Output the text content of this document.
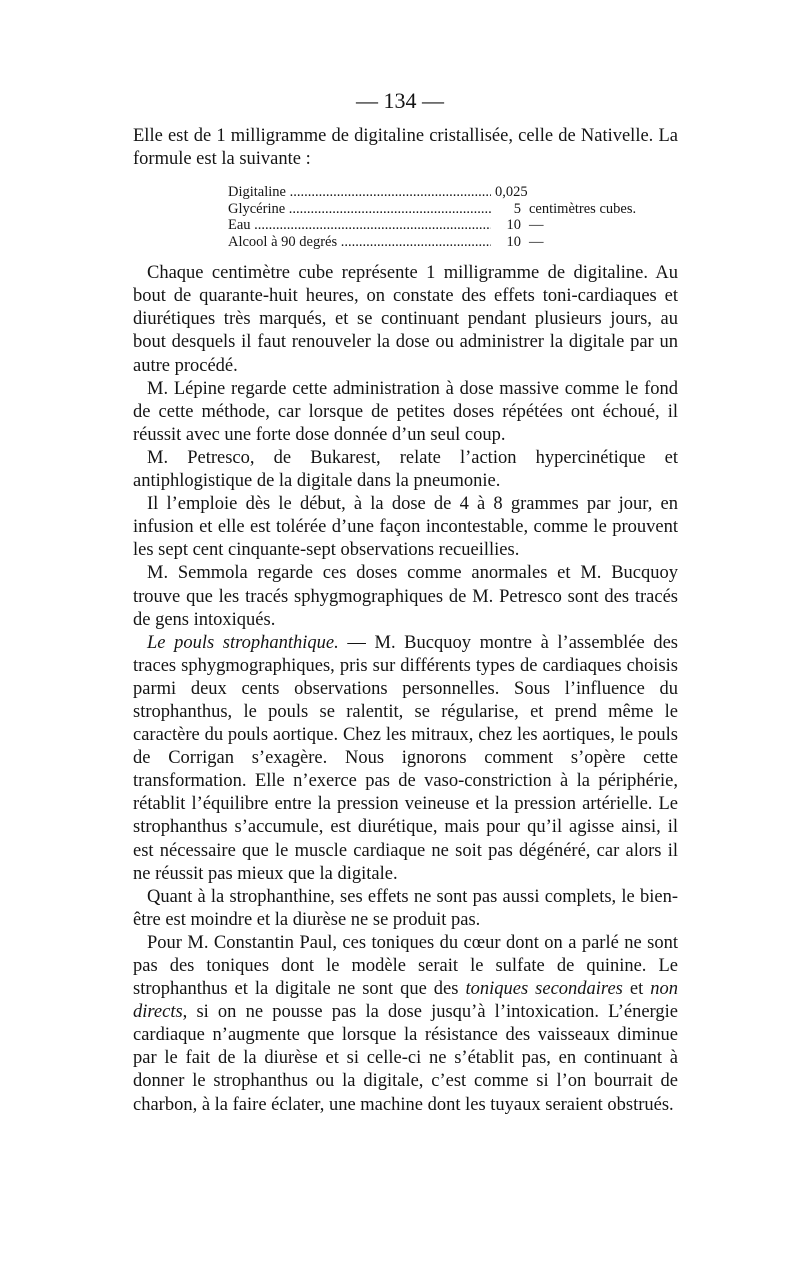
— 134 —

Elle est de 1 milligramme de digitaline cristallisée, celle de Nativelle. La formule est la suivante :

Digitaline .....	0,025
Glycérine .....	5 centimètres cubes.
Eau .....	10 —
Alcool à 90 degrés .....	10 —

Chaque centimètre cube représente 1 milligramme de digitaline. Au bout de quarante-huit heures, on constate des effets toni-cardiaques et diurétiques très marqués, et se continuant pendant plusieurs jours, au bout desquels il faut renouveler la dose ou administrer la digitale par un autre procédé.

M. Lépine regarde cette administration à dose massive comme le fond de cette méthode, car lorsque de petites doses répétées ont échoué, il réussit avec une forte dose donnée d’un seul coup.

M. Petresco, de Bukarest, relate l’action hypercinétique et antiphlogistique de la digitale dans la pneumonie.

Il l’emploie dès le début, à la dose de 4 à 8 grammes par jour, en infusion et elle est tolérée d’une façon incontestable, comme le prouvent les sept cent cinquante-sept observations recueillies.

M. Semmola regarde ces doses comme anormales et M. Bucquoy trouve que les tracés sphygmographiques de M. Petresco sont des tracés de gens intoxiqués.

Le pouls strophanthique. — M. Bucquoy montre à l’assemblée des traces sphygmographiques, pris sur différents types de cardiaques choisis parmi deux cents observations personnelles. Sous l’influence du strophanthus, le pouls se ralentit, se régularise, et prend même le caractère du pouls aortique. Chez les mitraux, chez les aortiques, le pouls de Corrigan s’exagère. Nous ignorons comment s’opère cette transformation. Elle n’exerce pas de vaso-constriction à la périphérie, rétablit l’équilibre entre la pression veineuse et la pression artérielle. Le strophanthus s’accumule, est diurétique, mais pour qu’il agisse ainsi, il est nécessaire que le muscle cardiaque ne soit pas dégénéré, car alors il ne réussit pas mieux que la digitale.

Quant à la strophanthine, ses effets ne sont pas aussi complets, le bien-être est moindre et la diurèse ne se produit pas.

Pour M. Constantin Paul, ces toniques du cœur dont on a parlé ne sont pas des toniques dont le modèle serait le sulfate de quinine. Le strophanthus et la digitale ne sont que des toniques secondaires et non directs, si on ne pousse pas la dose jusqu’à l’intoxication. L’énergie cardiaque n’augmente que lorsque la résistance des vaisseaux diminue par le fait de la diurèse et si celle-ci ne s’établit pas, en continuant à donner le strophanthus ou la digitale, c’est comme si l’on bourrait de charbon, à la faire éclater, une machine dont les tuyaux seraient obstrués.
